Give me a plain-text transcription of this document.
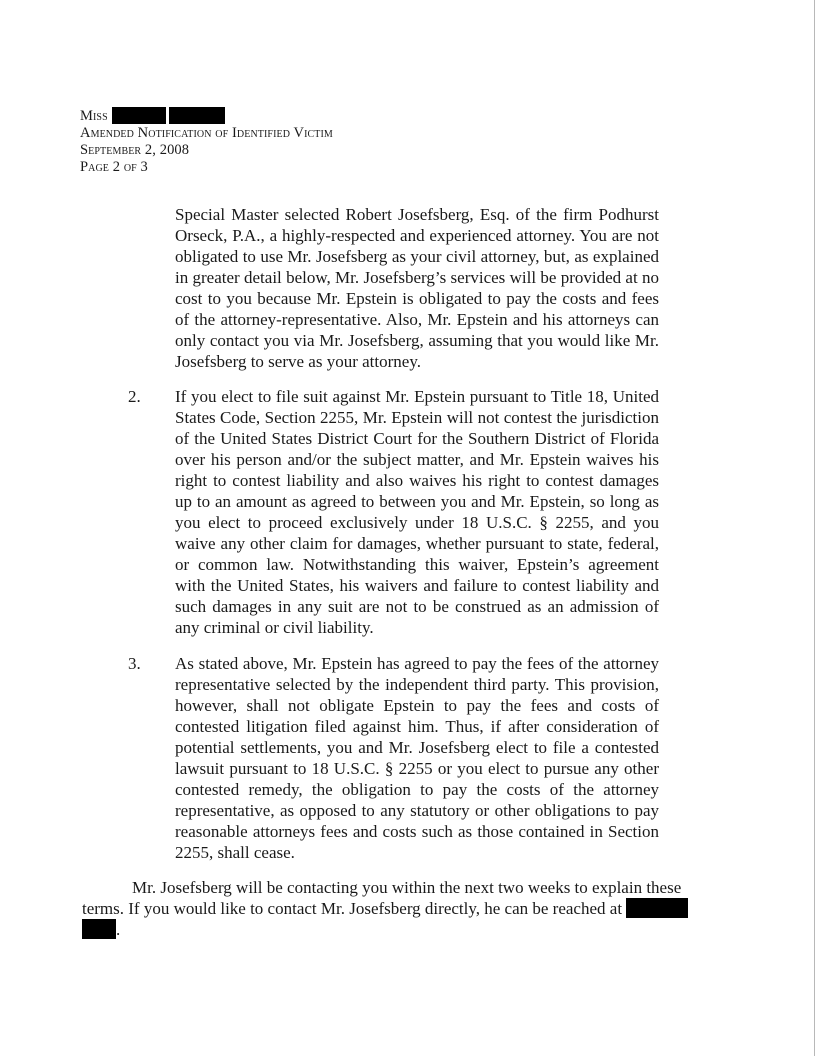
Miss
Amended Notification of Identified Victim
September 2, 2008
Page 2 of 3

Special Master selected Robert Josefsberg, Esq. of the firm Podhurst Orseck, P.A., a highly-respected and experienced attorney. You are not obligated to use Mr. Josefsberg as your civil attorney, but, as explained in greater detail below, Mr. Josefsberg’s services will be provided at no cost to you because Mr. Epstein is obligated to pay the costs and fees of the attorney-representative. Also, Mr. Epstein and his attorneys can only contact you via Mr. Josefsberg, assuming that you would like Mr. Josefsberg to serve as your attorney.

2. If you elect to file suit against Mr. Epstein pursuant to Title 18, United States Code, Section 2255, Mr. Epstein will not contest the jurisdiction of the United States District Court for the Southern District of Florida over his person and/or the subject matter, and Mr. Epstein waives his right to contest liability and also waives his right to contest damages up to an amount as agreed to between you and Mr. Epstein, so long as you elect to proceed exclusively under 18 U.S.C. § 2255, and you waive any other claim for damages, whether pursuant to state, federal, or common law. Notwithstanding this waiver, Epstein’s agreement with the United States, his waivers and failure to contest liability and such damages in any suit are not to be construed as an admission of any criminal or civil liability.

3. As stated above, Mr. Epstein has agreed to pay the fees of the attorney representative selected by the independent third party. This provision, however, shall not obligate Epstein to pay the fees and costs of contested litigation filed against him. Thus, if after consideration of potential settlements, you and Mr. Josefsberg elect to file a contested lawsuit pursuant to 18 U.S.C. § 2255 or you elect to pursue any other contested remedy, the obligation to pay the costs of the attorney representative, as opposed to any statutory or other obligations to pay reasonable attorneys fees and costs such as those contained in Section 2255, shall cease.

Mr. Josefsberg will be contacting you within the next two weeks to explain these
terms. If you would like to contact Mr. Josefsberg directly, he can be reached at
.
